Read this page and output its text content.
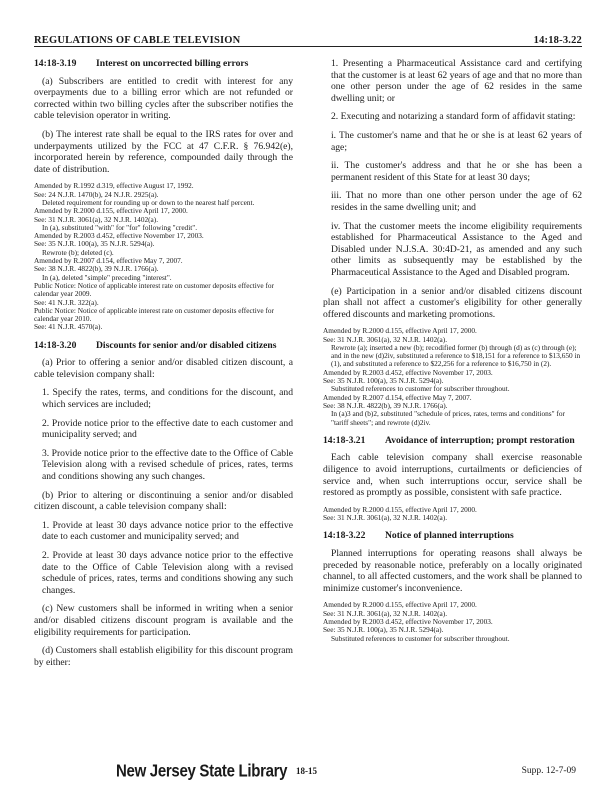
REGULATIONS OF CABLE TELEVISION	14:18-3.22
14:18-3.19	Interest on uncorrected billing errors

(a) Subscribers are entitled to credit with interest for any overpayments due to a billing error which are not refunded or corrected within two billing cycles after the subscriber notifies the cable television operator in writing.

(b) The interest rate shall be equal to the IRS rates for over and underpayments utilized by the FCC at 47 C.F.R. § 76.942(e), incorporated herein by reference, compounded daily through the date of distribution.

Amended by R.1992 d.319, effective August 17, 1992.
See: 24 N.J.R. 1470(b), 24 N.J.R. 2925(a).
Deleted requirement for rounding up or down to the nearest half percent.
Amended by R.2000 d.155, effective April 17, 2000.
See: 31 N.J.R. 3061(a), 32 N.J.R. 1402(a).
In (a), substituted "with" for "for" following "credit".
Amended by R.2003 d.452, effective November 17, 2003.
See: 35 N.J.R. 100(a), 35 N.J.R. 5294(a).
Rewrote (b); deleted (c).
Amended by R.2007 d.154, effective May 7, 2007.
See: 38 N.J.R. 4822(b), 39 N.J.R. 1766(a).
In (a), deleted "simple" preceding "interest".
Public Notice: Notice of applicable interest rate on customer deposits effective for calendar year 2009.
See: 41 N.J.R. 322(a).
Public Notice: Notice of applicable interest rate on customer deposits effective for calendar year 2010.
See: 41 N.J.R. 4570(a).
14:18-3.20	Discounts for senior and/or disabled citizens

(a) Prior to offering a senior and/or disabled citizen discount, a cable television company shall:

1. Specify the rates, terms, and conditions for the discount, and which services are included;

2. Provide notice prior to the effective date to each customer and municipality served; and

3. Provide notice prior to the effective date to the Office of Cable Television along with a revised schedule of prices, rates, terms and conditions showing any such changes.

(b) Prior to altering or discontinuing a senior and/or disabled citizen discount, a cable television company shall:

1. Provide at least 30 days advance notice prior to the effective date to each customer and municipality served; and

2. Provide at least 30 days advance notice prior to the effective date to the Office of Cable Television along with a revised schedule of prices, rates, terms and conditions showing any such changes.

(c) New customers shall be informed in writing when a senior and/or disabled citizens discount program is available and the eligibility requirements for participation.

(d) Customers shall establish eligibility for this discount program by either:

1. Presenting a Pharmaceutical Assistance card and certifying that the customer is at least 62 years of age and that no more than one other person under the age of 62 resides in the same dwelling unit; or

2. Executing and notarizing a standard form of affidavit stating:

i. The customer's name and that he or she is at least 62 years of age;

ii. The customer's address and that he or she has been a permanent resident of this State for at least 30 days;

iii. That no more than one other person under the age of 62 resides in the same dwelling unit; and

iv. That the customer meets the income eligibility requirements established for Pharmaceutical Assistance to the Aged and Disabled under N.J.S.A. 30:4D-21, as amended and any such other limits as subsequently may be established by the Pharmaceutical Assistance to the Aged and Disabled program.

(e) Participation in a senior and/or disabled citizens discount plan shall not affect a customer's eligibility for other generally offered discounts and marketing promotions.

Amended by R.2000 d.155, effective April 17, 2000.
See: 31 N.J.R. 3061(a), 32 N.J.R. 1402(a).
Rewrote (a); inserted a new (b); recodified former (b) through (d) as (c) through (e); and in the new (d)2iv, substituted a reference to $18,151 for a reference to $13,650 in (1), and substituted a reference to $22,256 for a reference to $16,750 in (2).
Amended by R.2003 d.452, effective November 17, 2003.
See: 35 N.J.R. 100(a), 35 N.J.R. 5294(a).
Substituted references to customer for subscriber throughout.
Amended by R.2007 d.154, effective May 7, 2007.
See: 38 N.J.R. 4822(b), 39 N.J.R. 1766(a).
In (a)3 and (b)2, substituted "schedule of prices, rates, terms and conditions" for "tariff sheets"; and rewrote (d)2iv.
14:18-3.21	Avoidance of interruption; prompt restoration

Each cable television company shall exercise reasonable diligence to avoid interruptions, curtailments or deficiencies of service and, when such interruptions occur, service shall be restored as promptly as possible, consistent with safe practice.

Amended by R.2000 d.155, effective April 17, 2000.
See: 31 N.J.R. 3061(a), 32 N.J.R. 1402(a).
14:18-3.22	Notice of planned interruptions

Planned interruptions for operating reasons shall always be preceded by reasonable notice, preferably on a locally originated channel, to all affected customers, and the work shall be planned to minimize customer's inconvenience.

Amended by R.2000 d.155, effective April 17, 2000.
See: 31 N.J.R. 3061(a), 32 N.J.R. 1402(a).
Amended by R.2003 d.452, effective November 17, 2003.
See: 35 N.J.R. 100(a), 35 N.J.R. 5294(a).
Substituted references to customer for subscriber throughout.
New Jersey State Library 18-15	Supp. 12-7-09
